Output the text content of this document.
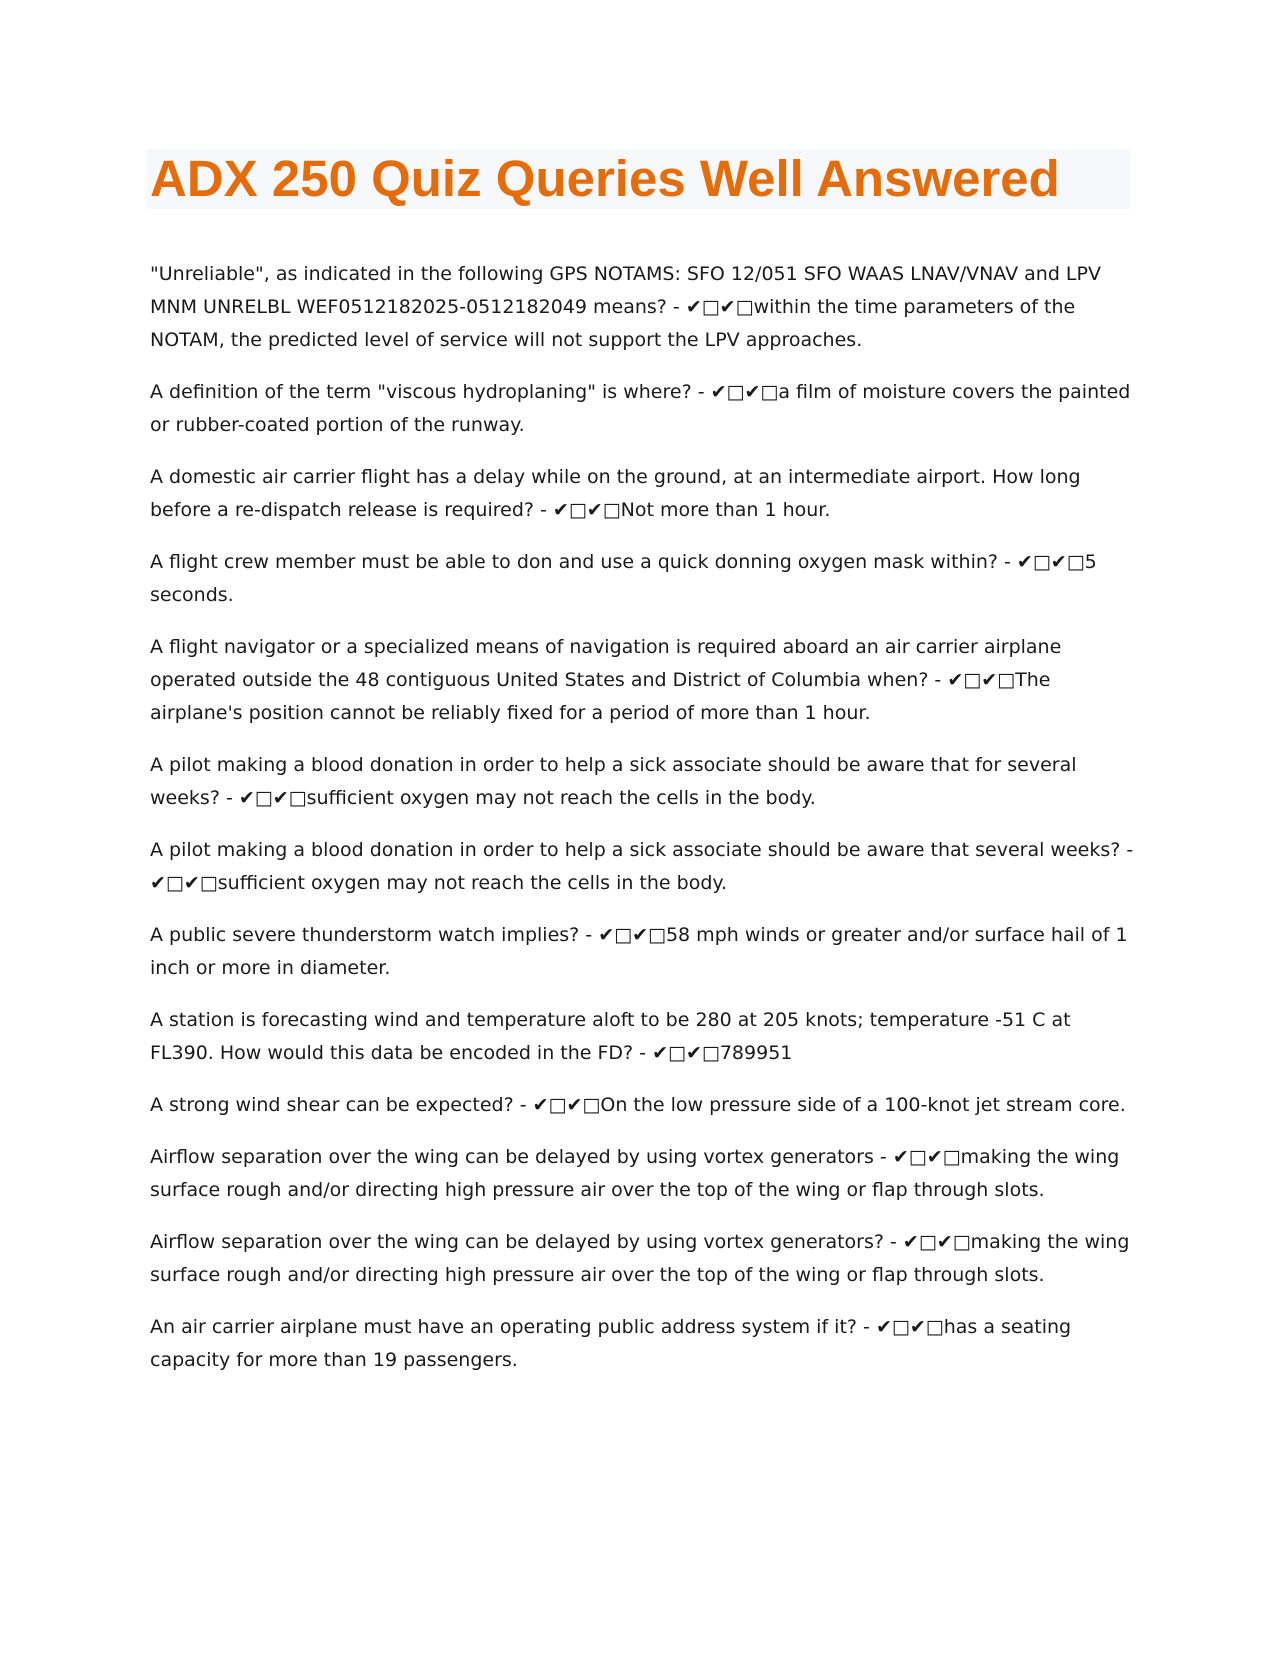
ADX 250 Quiz Queries Well Answered

"Unreliable", as indicated in the following GPS NOTAMS: SFO 12/051 SFO WAAS LNAV/VNAV and LPV MNM UNRELBL WEF0512182025-0512182049 means? - ✔□✔□within the time parameters of the NOTAM, the predicted level of service will not support the LPV approaches.

A definition of the term "viscous hydroplaning" is where? - ✔□✔□a film of moisture covers the painted or rubber-coated portion of the runway.

A domestic air carrier flight has a delay while on the ground, at an intermediate airport. How long before a re-dispatch release is required? - ✔□✔□Not more than 1 hour.

A flight crew member must be able to don and use a quick donning oxygen mask within? - ✔□✔□5 seconds.

A flight navigator or a specialized means of navigation is required aboard an air carrier airplane operated outside the 48 contiguous United States and District of Columbia when? - ✔□✔□The airplane's position cannot be reliably fixed for a period of more than 1 hour.

A pilot making a blood donation in order to help a sick associate should be aware that for several weeks? - ✔□✔□sufficient oxygen may not reach the cells in the body.

A pilot making a blood donation in order to help a sick associate should be aware that several weeks? - ✔□✔□sufficient oxygen may not reach the cells in the body.

A public severe thunderstorm watch implies? - ✔□✔□58 mph winds or greater and/or surface hail of 1 inch or more in diameter.

A station is forecasting wind and temperature aloft to be 280 at 205 knots; temperature -51 C at FL390. How would this data be encoded in the FD? - ✔□✔□789951

A strong wind shear can be expected? - ✔□✔□On the low pressure side of a 100-knot jet stream core.

Airflow separation over the wing can be delayed by using vortex generators - ✔□✔□making the wing surface rough and/or directing high pressure air over the top of the wing or flap through slots.

Airflow separation over the wing can be delayed by using vortex generators? - ✔□✔□making the wing surface rough and/or directing high pressure air over the top of the wing or flap through slots.

An air carrier airplane must have an operating public address system if it? - ✔□✔□has a seating capacity for more than 19 passengers.
